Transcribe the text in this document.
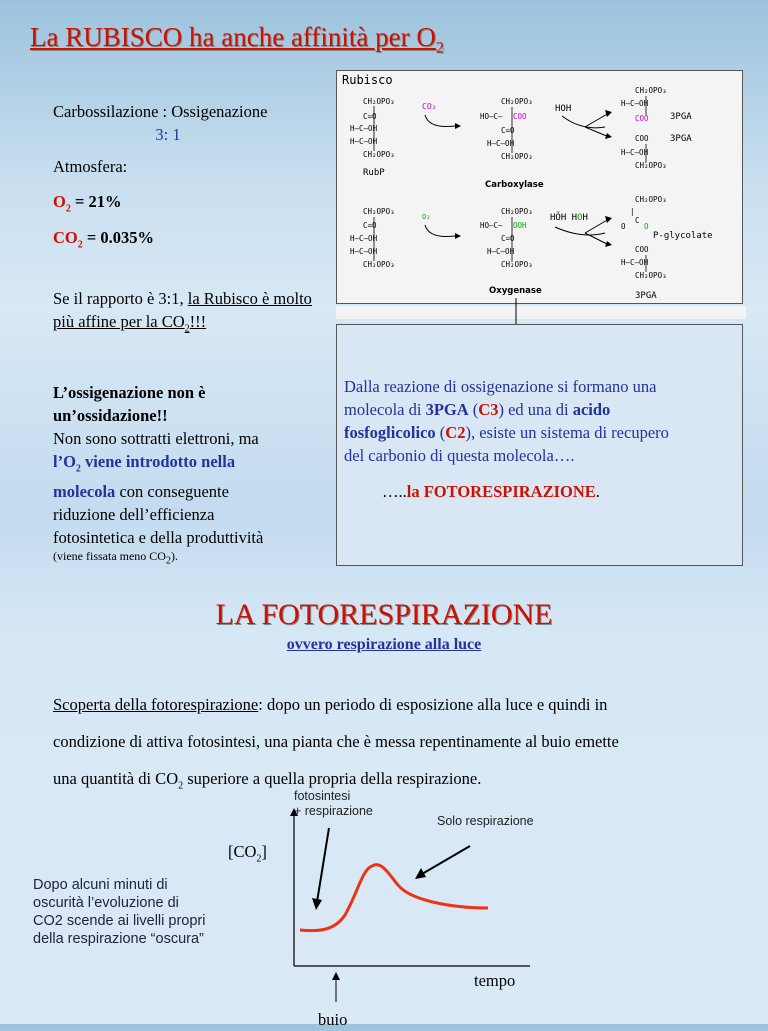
La RUBISCO ha anche affinità per $O_2$
Carbossilazione : Ossigenazione
3: 1
Atmosfera:
$O_2 = 21\%$
$CO_2 = 0.035\%$
Se il rapporto è 3:1, la Rubisco è molto più affine per la $CO_2$!!!
L’ossigenazione non è
un’ossidazione!!
Non sono sottratti elettroni, ma
$l’O_2$ viene introdotto nella
molecola con conseguente
riduzione dell’efficienza
fotosintetica e della produttività
(viene fissata meno $CO_2$).
Rubisco
CH₂OPO₃
C=O
H—C—OH
H—C—OH
CH₂OPO₃
RubP
CO₂
CH₂OPO₃
HO—C— COO
C=O
H—C—OH
CH₂OPO₃
HOH
Carboxylase
CH₂OPO₃
H—C—OH
COO
COO
H—C—OH
CH₂OPO₃
3PGA
3PGA
CH₂OPO₃
C=O
H—C—OH
H—C—OH
CH₂OPO₃
O₂
CH₂OPO₃
HO—C— OOH
C=O
H—C—OH
CH₂OPO₃
HÕH HOH
Oxygenase
CH₂OPO₃
|
C
O O
P-glycolate
COO
H—C—OH
CH₂OPO₃
3PGA
Dalla reazione di ossigenazione si formano una
molecola di 3PGA (C3) ed una di acido
fosfoglicolico (C2), esiste un sistema di recupero
del carbonio di questa molecola….
…..la FOTORESPIRAZIONE.
LA FOTORESPIRAZIONE
ovvero respirazione alla luce
Scoperta della fotorespirazione: dopo un periodo di esposizione alla luce e quindi in
condizione di attiva fotosintesi, una pianta che è messa repentinamente al buio emette
una quantità di $CO_2$ superiore a quella propria della respirazione.
$[CO_2]$
fotosintesi
+ respirazione
Solo respirazione
tempo
buio
Dopo alcuni minuti di
oscurità l’evoluzione di
CO2 scende ai livelli propri
della respirazione “oscura”
